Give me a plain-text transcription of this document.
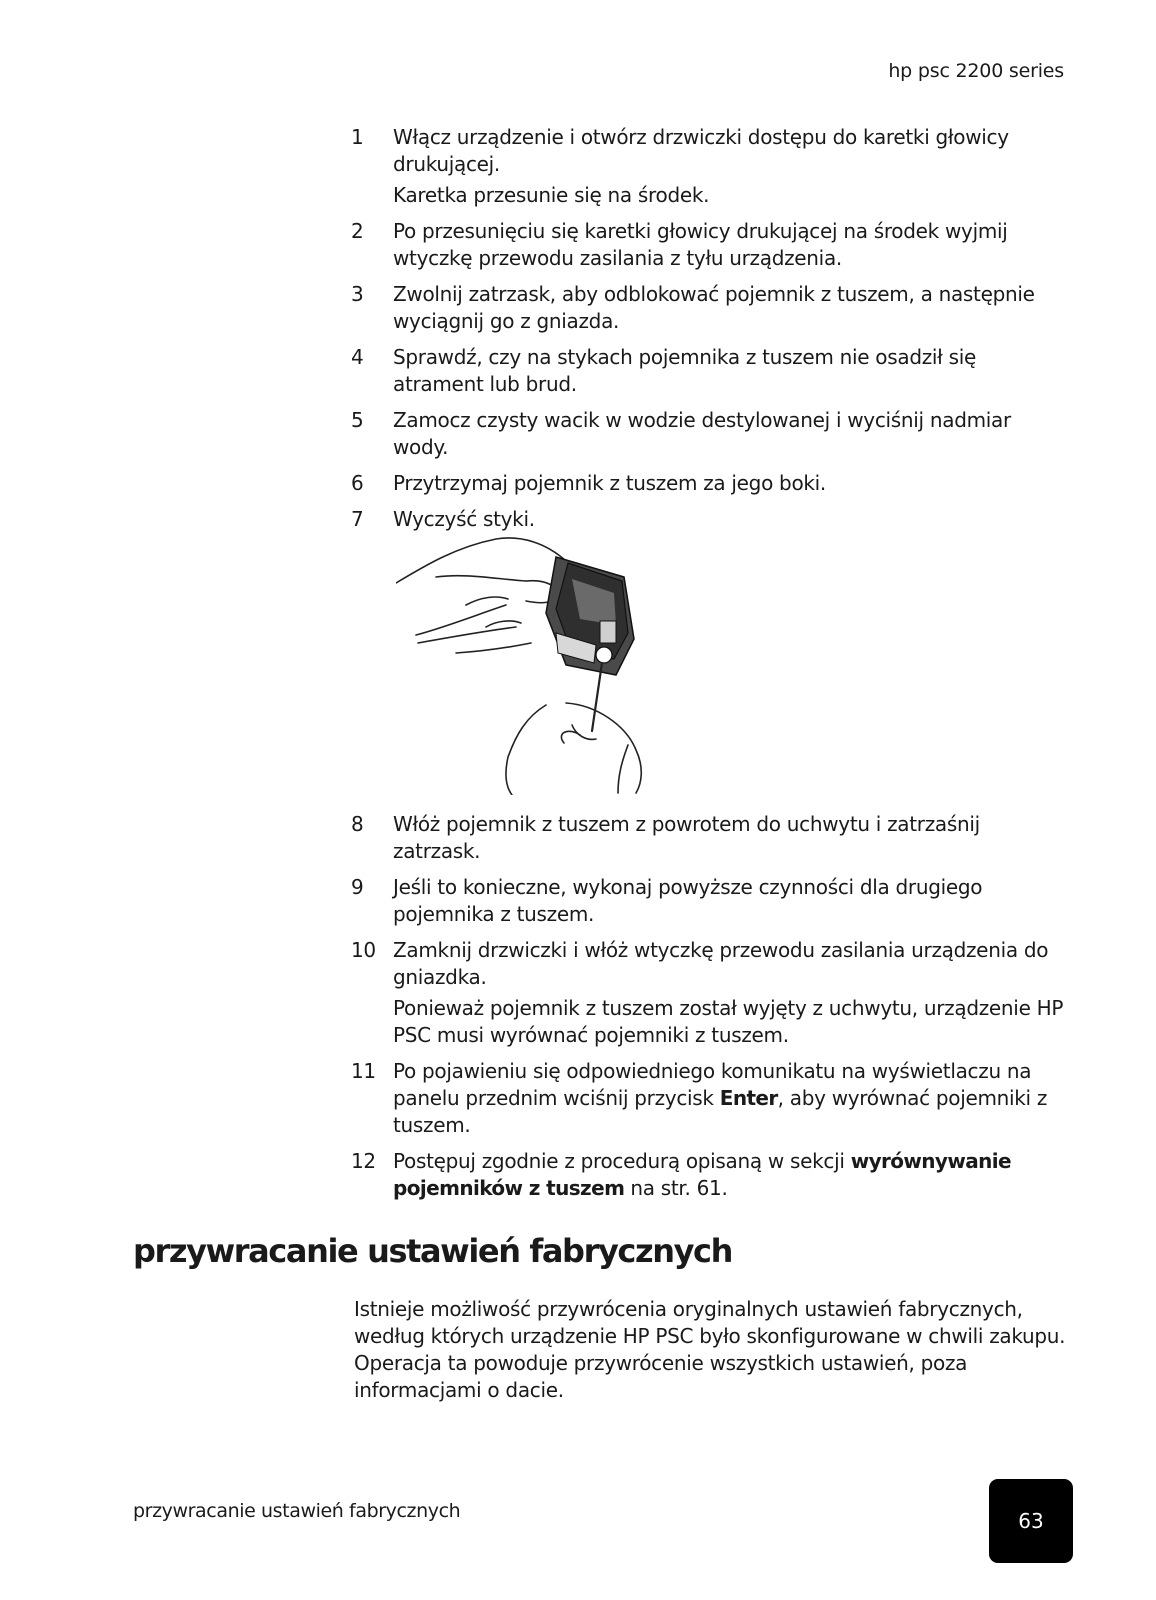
hp psc 2200 series
1 Włącz urządzenie i otwórz drzwiczki dostępu do karetki głowicy drukującej.
Karetka przesunie się na środek.
2 Po przesunięciu się karetki głowicy drukującej na środek wyjmij wtyczkę przewodu zasilania z tyłu urządzenia.
3 Zwolnij zatrzask, aby odblokować pojemnik z tuszem, a następnie wyciągnij go z gniazda.
4 Sprawdź, czy na stykach pojemnika z tuszem nie osadził się atrament lub brud.
5 Zamocz czysty wacik w wodzie destylowanej i wyciśnij nadmiar wody.
6 Przytrzymaj pojemnik z tuszem za jego boki.
7 Wyczyść styki.
8 Włóż pojemnik z tuszem z powrotem do uchwytu i zatrzaśnij zatrzask.
9 Jeśli to konieczne, wykonaj powyższe czynności dla drugiego pojemnika z tuszem.
10 Zamknij drzwiczki i włóż wtyczkę przewodu zasilania urządzenia do gniazdka.
Ponieważ pojemnik z tuszem został wyjęty z uchwytu, urządzenie HP PSC musi wyrównać pojemniki z tuszem.
11 Po pojawieniu się odpowiedniego komunikatu na wyświetlaczu na panelu przednim wciśnij przycisk Enter, aby wyrównać pojemniki z tuszem.
12 Postępuj zgodnie z procedurą opisaną w sekcji wyrównywanie pojemników z tuszem na str. 61.
przywracanie ustawień fabrycznych
Istnieje możliwość przywrócenia oryginalnych ustawień fabrycznych, według których urządzenie HP PSC było skonfigurowane w chwili zakupu. Operacja ta powoduje przywrócenie wszystkich ustawień, poza informacjami o dacie.
przywracanie ustawień fabrycznych	63
